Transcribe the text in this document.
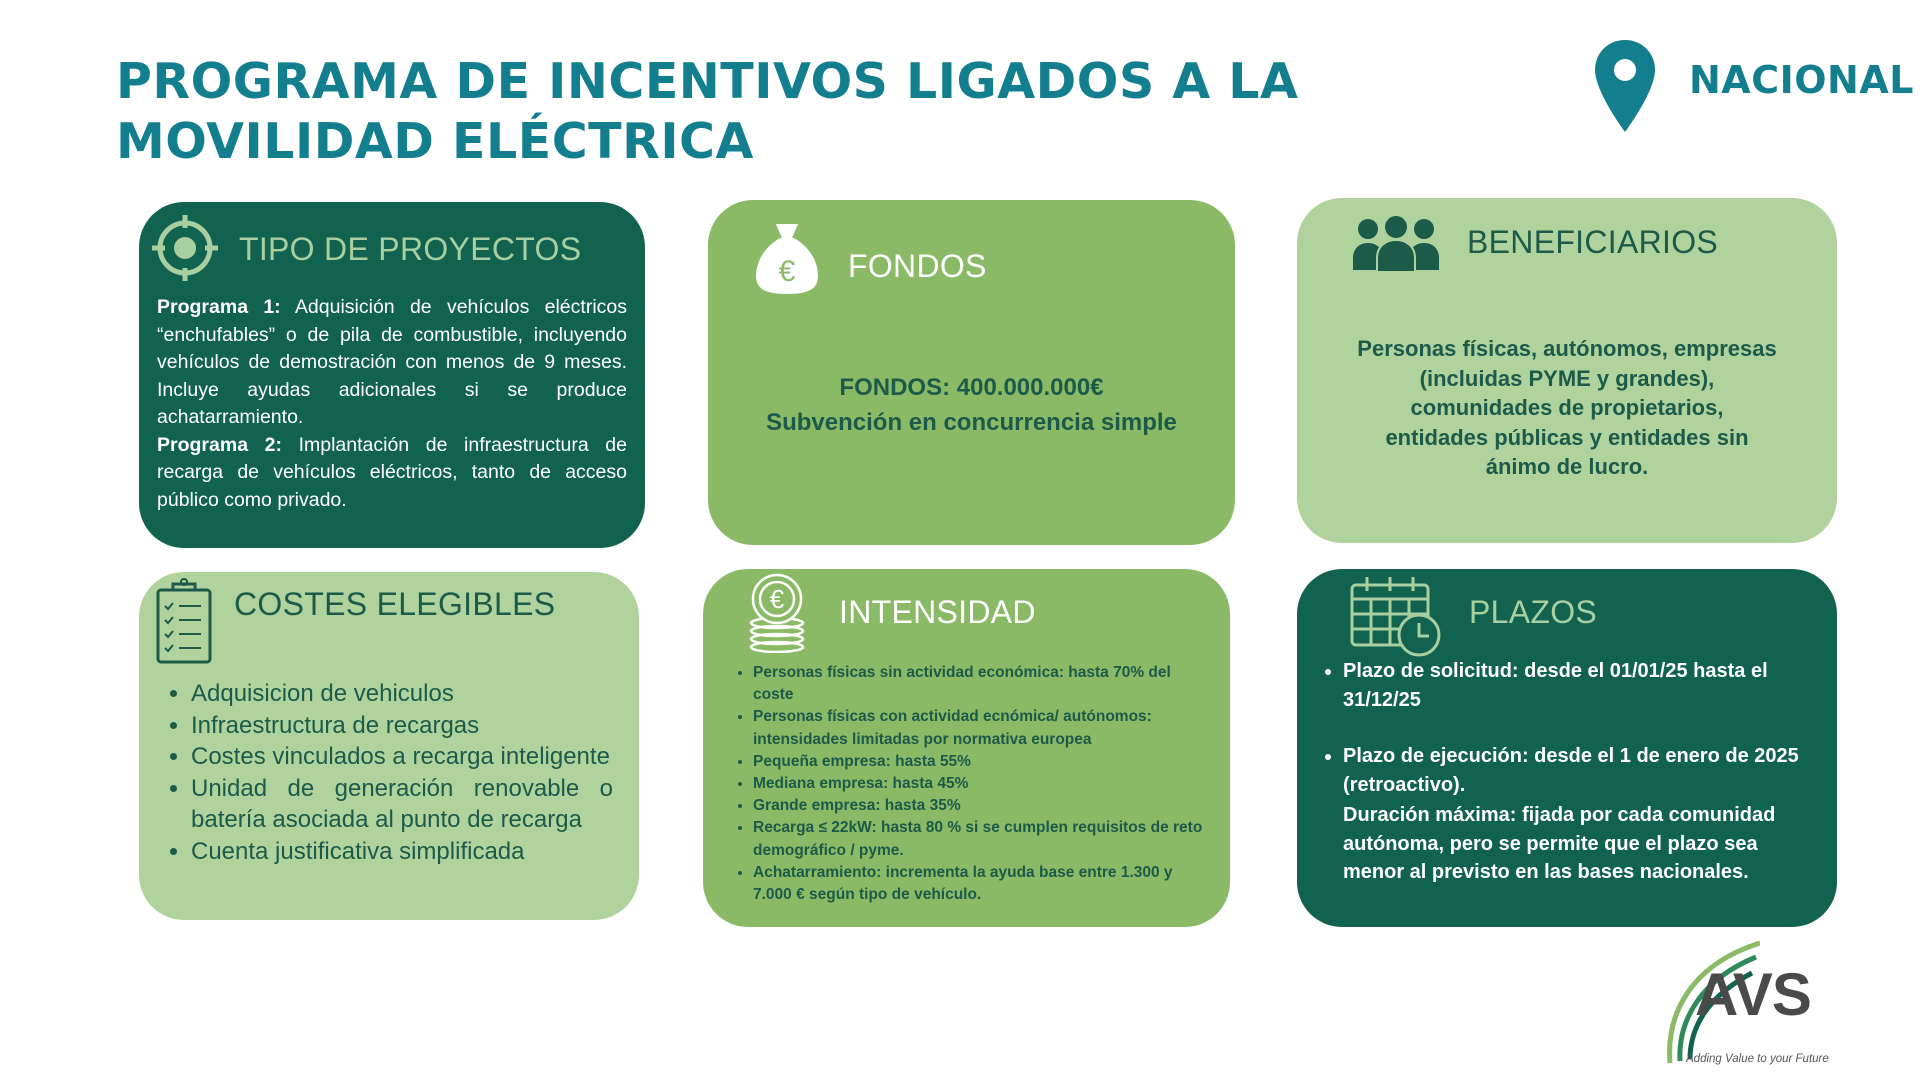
PROGRAMA DE INCENTIVOS LIGADOS A LA
MOVILIDAD ELÉCTRICA
NACIONAL
TIPO DE PROYECTOS

Programa 1: Adquisición de vehículos eléctricos “enchufables” o de pila de combustible, incluyendo vehículos de demostración con menos de 9 meses. Incluye ayudas adicionales si se produce achatarramiento.

Programa 2: Implantación de infraestructura de recarga de vehículos eléctricos, tanto de acceso público como privado.

€ FONDOS
FONDOS: 400.000.000€
Subvención en concurrencia simple
BENEFICIARIOS
Personas físicas, autónomos, empresas
(incluidas PYME y grandes),
comunidades de propietarios,
entidades públicas y entidades sin
ánimo de lucro.
COSTES ELEGIBLES
• Adquisicion de vehiculos
• Infraestructura de recargas
• Costes vinculados a recarga inteligente
• Unidad de generación renovable o batería asociada al punto de recarga
• Cuenta justificativa simplificada
€ INTENSIDAD
• Personas físicas sin actividad económica: hasta 70% del coste
• Personas físicas con actividad ecnómica/ autónomos: intensidades limitadas por normativa europea
• Pequeña empresa: hasta 55%
• Mediana empresa: hasta 45%
• Grande empresa: hasta 35%
• Recarga ≤ 22kW: hasta 80 % si se cumplen requisitos de reto demográfico / pyme.
• Achatarramiento: incrementa la ayuda base entre 1.300 y 7.000 € según tipo de vehículo.
PLAZOS
• Plazo de solicitud: desde el 01/01/25 hasta el 31/12/25
• Plazo de ejecución: desde el 1 de enero de 2025 (retroactivo).
Duración máxima: fijada por cada comunidad autónoma, pero se permite que el plazo sea menor al previsto en las bases nacionales.
AVS
Adding Value to your Future
